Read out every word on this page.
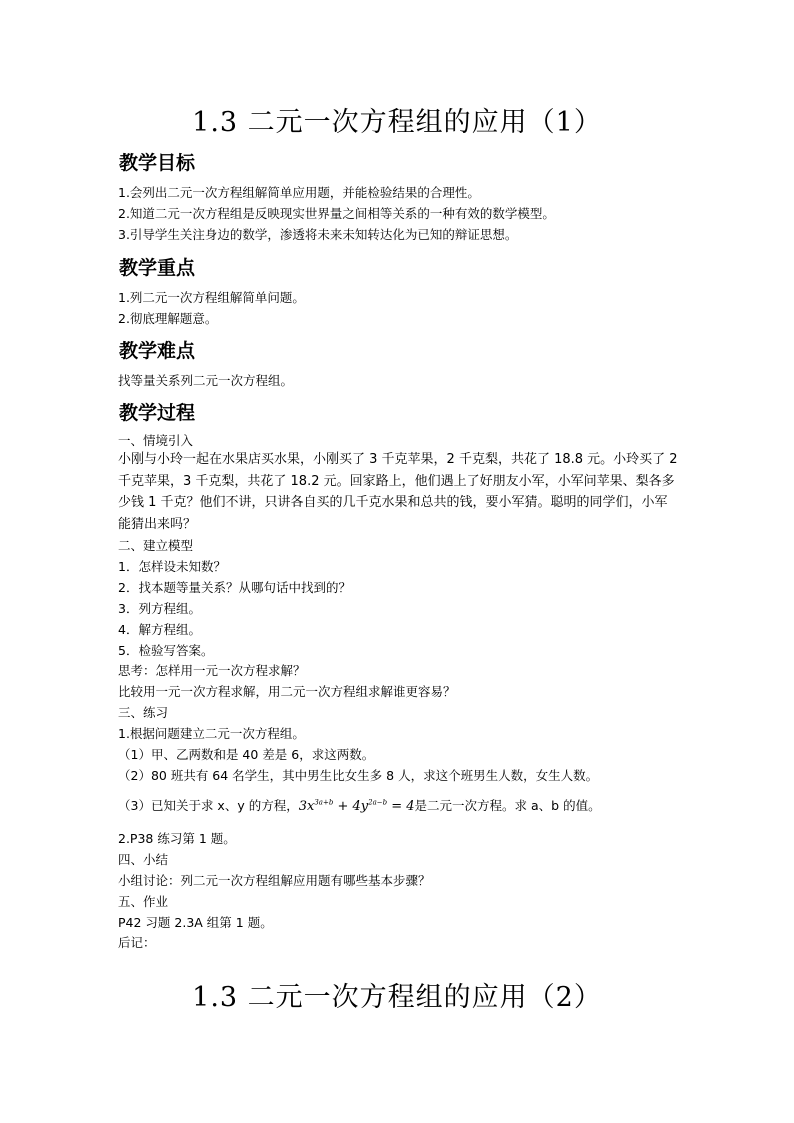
1.3 二元一次方程组的应用（1）
教学目标
1.会列出二元一次方程组解简单应用题，并能检验结果的合理性。
2.知道二元一次方程组是反映现实世界量之间相等关系的一种有效的数学模型。
3.引导学生关注身边的数学，渗透将未来未知转达化为已知的辩证思想。
教学重点
1.列二元一次方程组解简单问题。
2.彻底理解题意。
教学难点
找等量关系列二元一次方程组。
教学过程
一、情境引入
小刚与小玲一起在水果店买水果，小刚买了 3 千克苹果，2 千克梨，共花了 18.8 元。小玲买了 2 千克苹果，3 千克梨，共花了 18.2 元。回家路上，他们遇上了好朋友小军，小军问苹果、梨各多少钱 1 千克？他们不讲，只讲各自买的几千克水果和总共的钱，要小军猜。聪明的同学们，小军能猜出来吗？
二、建立模型
1．怎样设未知数？
2．找本题等量关系？从哪句话中找到的？
3．列方程组。
4．解方程组。
5．检验写答案。
思考：怎样用一元一次方程求解？
比较用一元一次方程求解，用二元一次方程组求解谁更容易？
三、练习
1.根据问题建立二元一次方程组。
（1）甲、乙两数和是 40 差是 6，求这两数。
（2）80 班共有 64 名学生，其中男生比女生多 8 人，求这个班男生人数，女生人数。
（3）已知关于求 x、y 的方程，$3x^{3a+b} + 4y^{2a-b} = 4$是二元一次方程。求 a、b 的值。
2.P38 练习第 1 题。
四、小结
小组讨论：列二元一次方程组解应用题有哪些基本步骤？
五、作业
P42 习题 2.3A 组第 1 题。
后记：
1.3 二元一次方程组的应用（2）
